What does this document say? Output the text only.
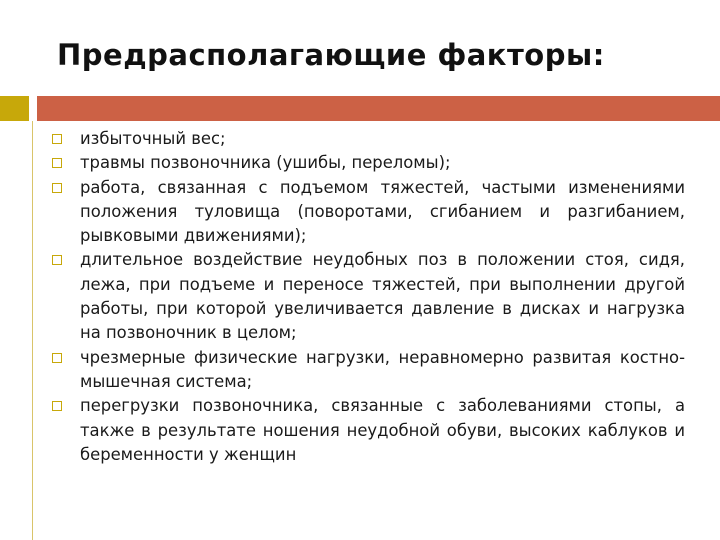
Предрасполагающие факторы:
избыточный вес;
травмы позвоночника (ушибы, переломы);
работа, связанная с подъемом тяжестей, частыми изменениями положения туловища (поворотами, сгибанием и разгибанием, рывковыми движениями);
длительное воздействие неудобных поз в положении стоя, сидя, лежа, при подъеме и переносе тяжестей, при выполнении другой работы, при которой увеличивается давление в дисках и нагрузка на позвоночник в целом;
чрезмерные физические нагрузки, неравномерно развитая костно-мышечная система;
перегрузки позвоночника, связанные с заболеваниями стопы, а также в результате ношения неудобной обуви, высоких каблуков и беременности у женщин
